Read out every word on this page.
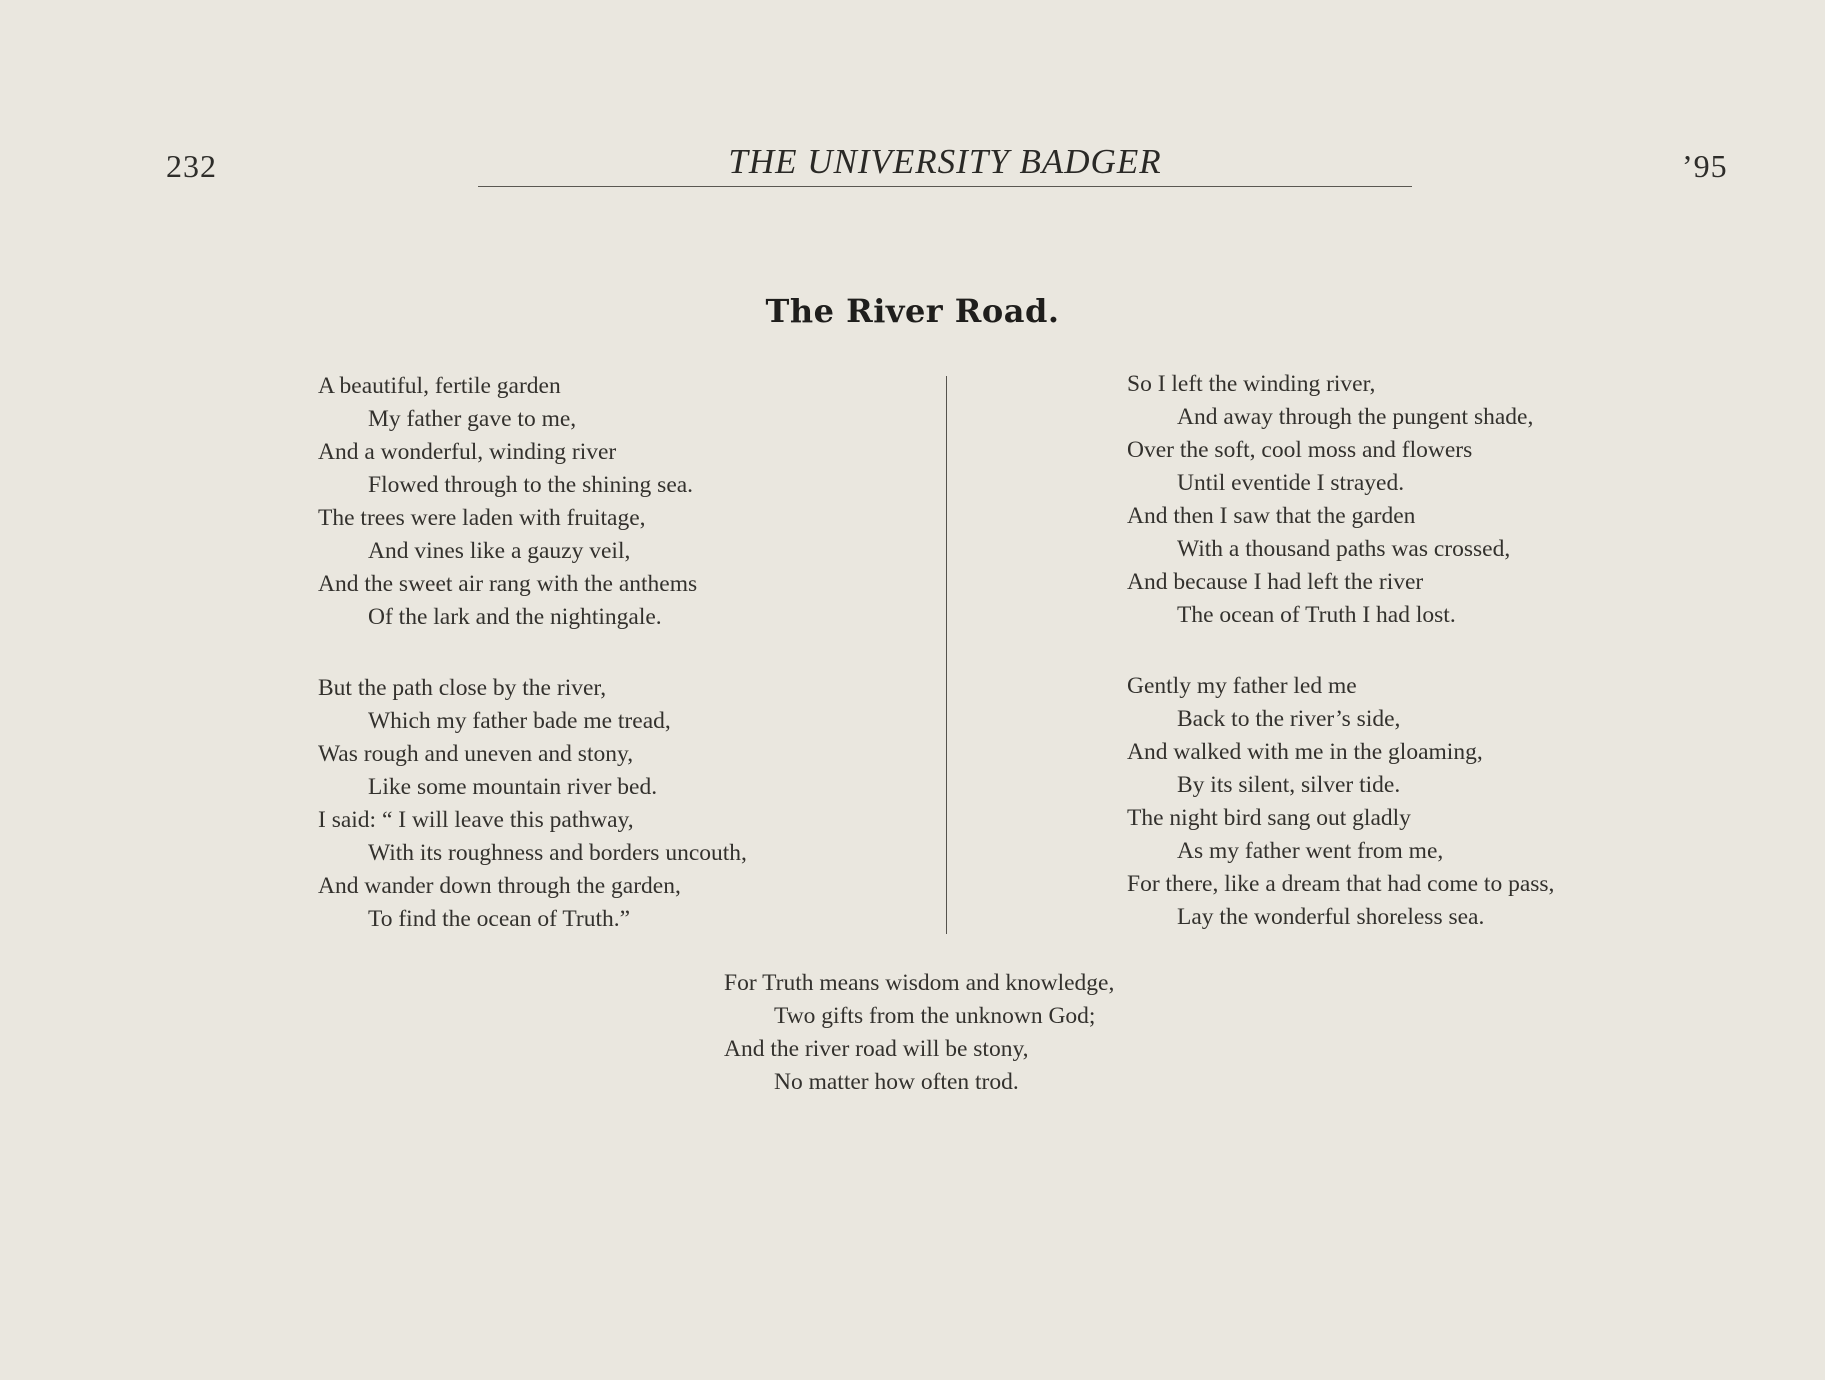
232	THE UNIVERSITY BADGER	’95
The River Road.
A beautiful, fertile garden
My father gave to me,
And a wonderful, winding river
Flowed through to the shining sea.
The trees were laden with fruitage,
And vines like a gauzy veil,
And the sweet air rang with the anthems
Of the lark and the nightingale.
But the path close by the river,
Which my father bade me tread,
Was rough and uneven and stony,
Like some mountain river bed.
I said: “ I will leave this pathway,
With its roughness and borders uncouth,
And wander down through the garden,
To find the ocean of Truth.”
So I left the winding river,
And away through the pungent shade,
Over the soft, cool moss and flowers
Until eventide I strayed.
And then I saw that the garden
With a thousand paths was crossed,
And because I had left the river
The ocean of Truth I had lost.
Gently my father led me
Back to the river’s side,
And walked with me in the gloaming,
By its silent, silver tide.
The night bird sang out gladly
As my father went from me,
For there, like a dream that had come to pass,
Lay the wonderful shoreless sea.
For Truth means wisdom and knowledge,
Two gifts from the unknown God;
And the river road will be stony,
No matter how often trod.
